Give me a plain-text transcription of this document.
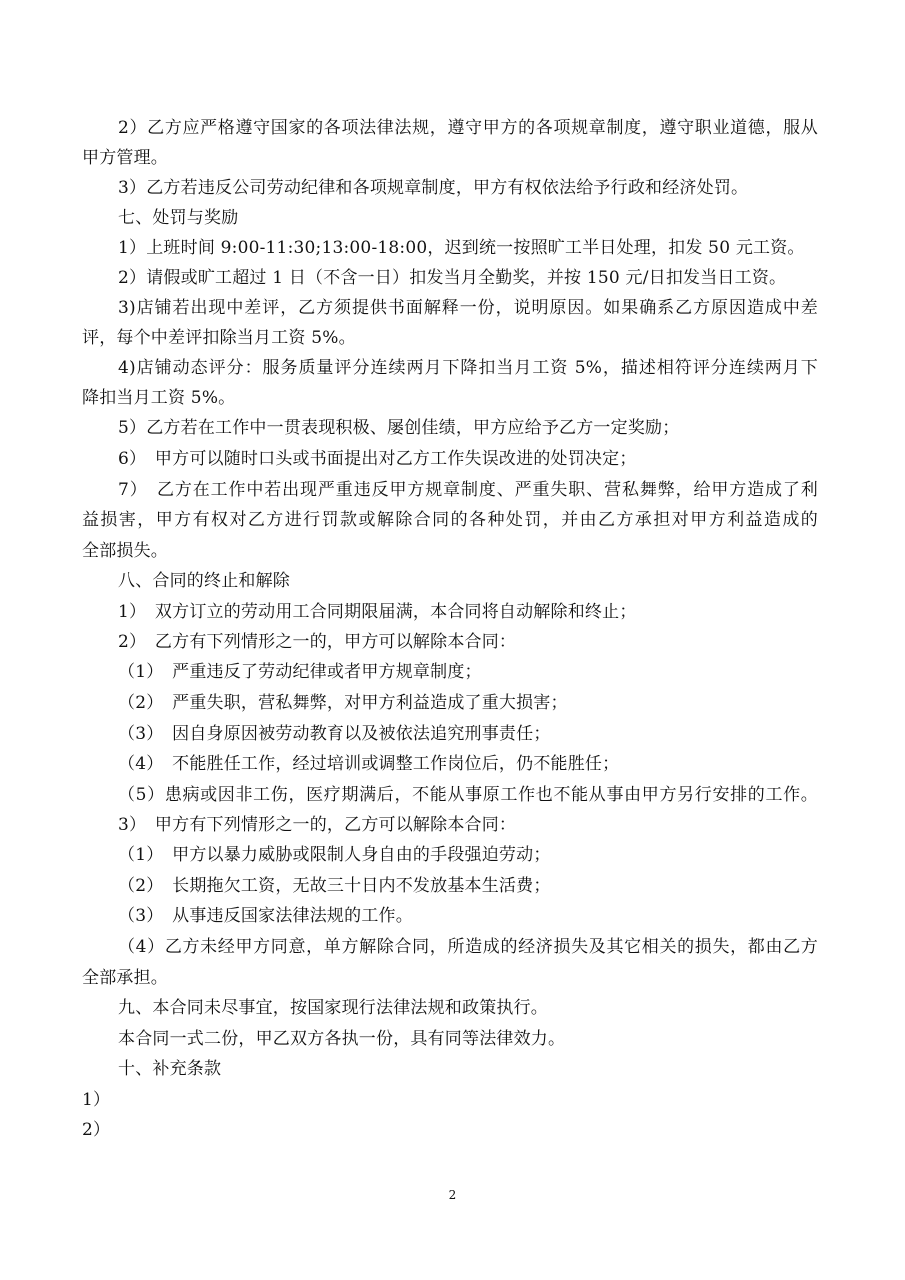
2）乙方应严格遵守国家的各项法律法规，遵守甲方的各项规章制度，遵守职业道德，服从

甲方管理。

3）乙方若违反公司劳动纪律和各项规章制度，甲方有权依法给予行政和经济处罚。

七、处罚与奖励

1）上班时间 9:00-11:30;13:00-18:00，迟到统一按照旷工半日处理，扣发 50 元工资。

2）请假或旷工超过 1 日（不含一日）扣发当月全勤奖，并按 150 元/日扣发当日工资。

3)店铺若出现中差评，乙方须提供书面解释一份，说明原因。如果确系乙方原因造成中差

评，每个中差评扣除当月工资 5%。

4)店铺动态评分：服务质量评分连续两月下降扣当月工资 5%，描述相符评分连续两月下

降扣当月工资 5%。

5）乙方若在工作中一贯表现积极、屡创佳绩，甲方应给予乙方一定奖励；

6）　甲方可以随时口头或书面提出对乙方工作失误改进的处罚决定；

7）　乙方在工作中若出现严重违反甲方规章制度、严重失职、营私舞弊，给甲方造成了利

益损害，甲方有权对乙方进行罚款或解除合同的各种处罚，并由乙方承担对甲方利益造成的

全部损失。

八、合同的终止和解除

1）　双方订立的劳动用工合同期限届满，本合同将自动解除和终止；

2）　乙方有下列情形之一的，甲方可以解除本合同：

（1）　严重违反了劳动纪律或者甲方规章制度；

（2）　严重失职，营私舞弊，对甲方利益造成了重大损害；

（3）　因自身原因被劳动教育以及被依法追究刑事责任；

（4）　不能胜任工作，经过培训或调整工作岗位后，仍不能胜任；

（5）患病或因非工伤，医疗期满后，不能从事原工作也不能从事由甲方另行安排的工作。

3）　甲方有下列情形之一的，乙方可以解除本合同：

（1）　甲方以暴力威胁或限制人身自由的手段强迫劳动；

（2）　长期拖欠工资，无故三十日内不发放基本生活费；

（3）　从事违反国家法律法规的工作。

（4）乙方未经甲方同意，单方解除合同，所造成的经济损失及其它相关的损失，都由乙方

全部承担。

九、本合同未尽事宜，按国家现行法律法规和政策执行。

本合同一式二份，甲乙双方各执一份，具有同等法律效力。

十、补充条款

1）

2）

2
